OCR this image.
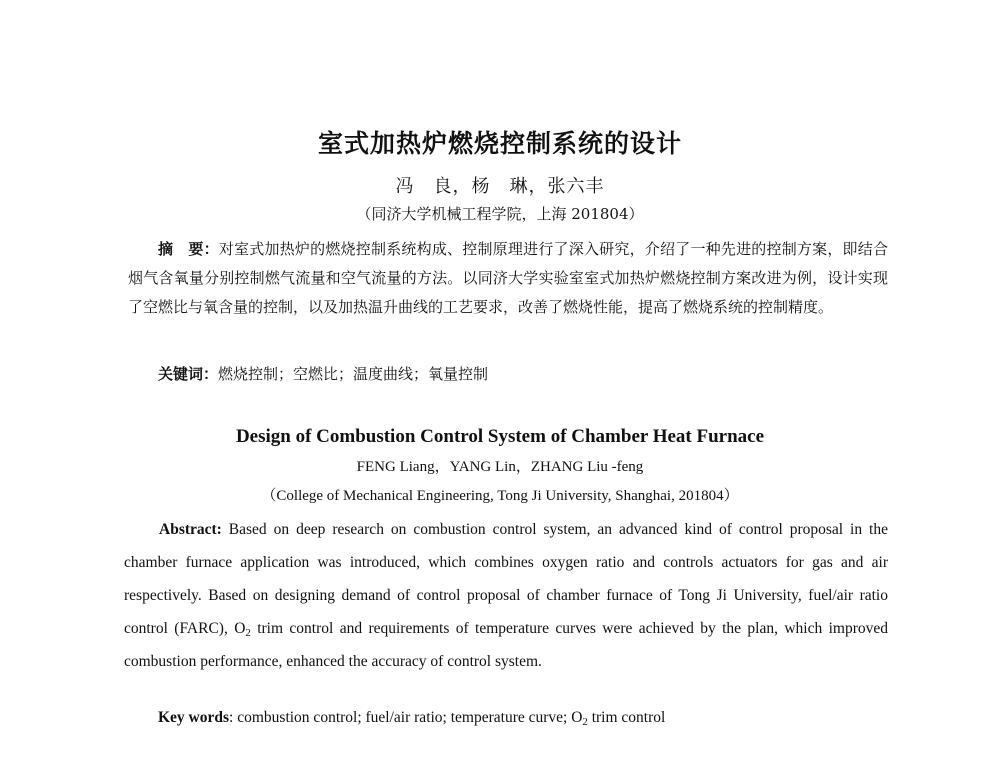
室式加热炉燃烧控制系统的设计
冯　良，杨　琳，张六丰
（同济大学机械工程学院，上海 201804）

摘　要：对室式加热炉的燃烧控制系统构成、控制原理进行了深入研究，介绍了一种先进的控制方案，即结合烟气含氧量分别控制燃气流量和空气流量的方法。以同济大学实验室室式加热炉燃烧控制方案改进为例，设计实现了空燃比与氧含量的控制，以及加热温升曲线的工艺要求，改善了燃烧性能，提高了燃烧系统的控制精度。

关键词：燃烧控制；空燃比；温度曲线；氧量控制

Design of Combustion Control System of Chamber Heat Furnace
FENG Liang，YANG Lin，ZHANG Liu -feng
（College of Mechanical Engineering, Tong Ji University, Shanghai, 201804）

Abstract: Based on deep research on combustion control system, an advanced kind of control proposal in the chamber furnace application was introduced, which combines oxygen ratio and controls actuators for gas and air respectively. Based on designing demand of control proposal of chamber furnace of Tong Ji University, fuel/air ratio control (FARC), $O_2$ trim control and requirements of temperature curves were achieved by the plan, which improved combustion performance, enhanced the accuracy of control system.

Key words: combustion control; fuel/air ratio; temperature curve; $O_2$ trim control
